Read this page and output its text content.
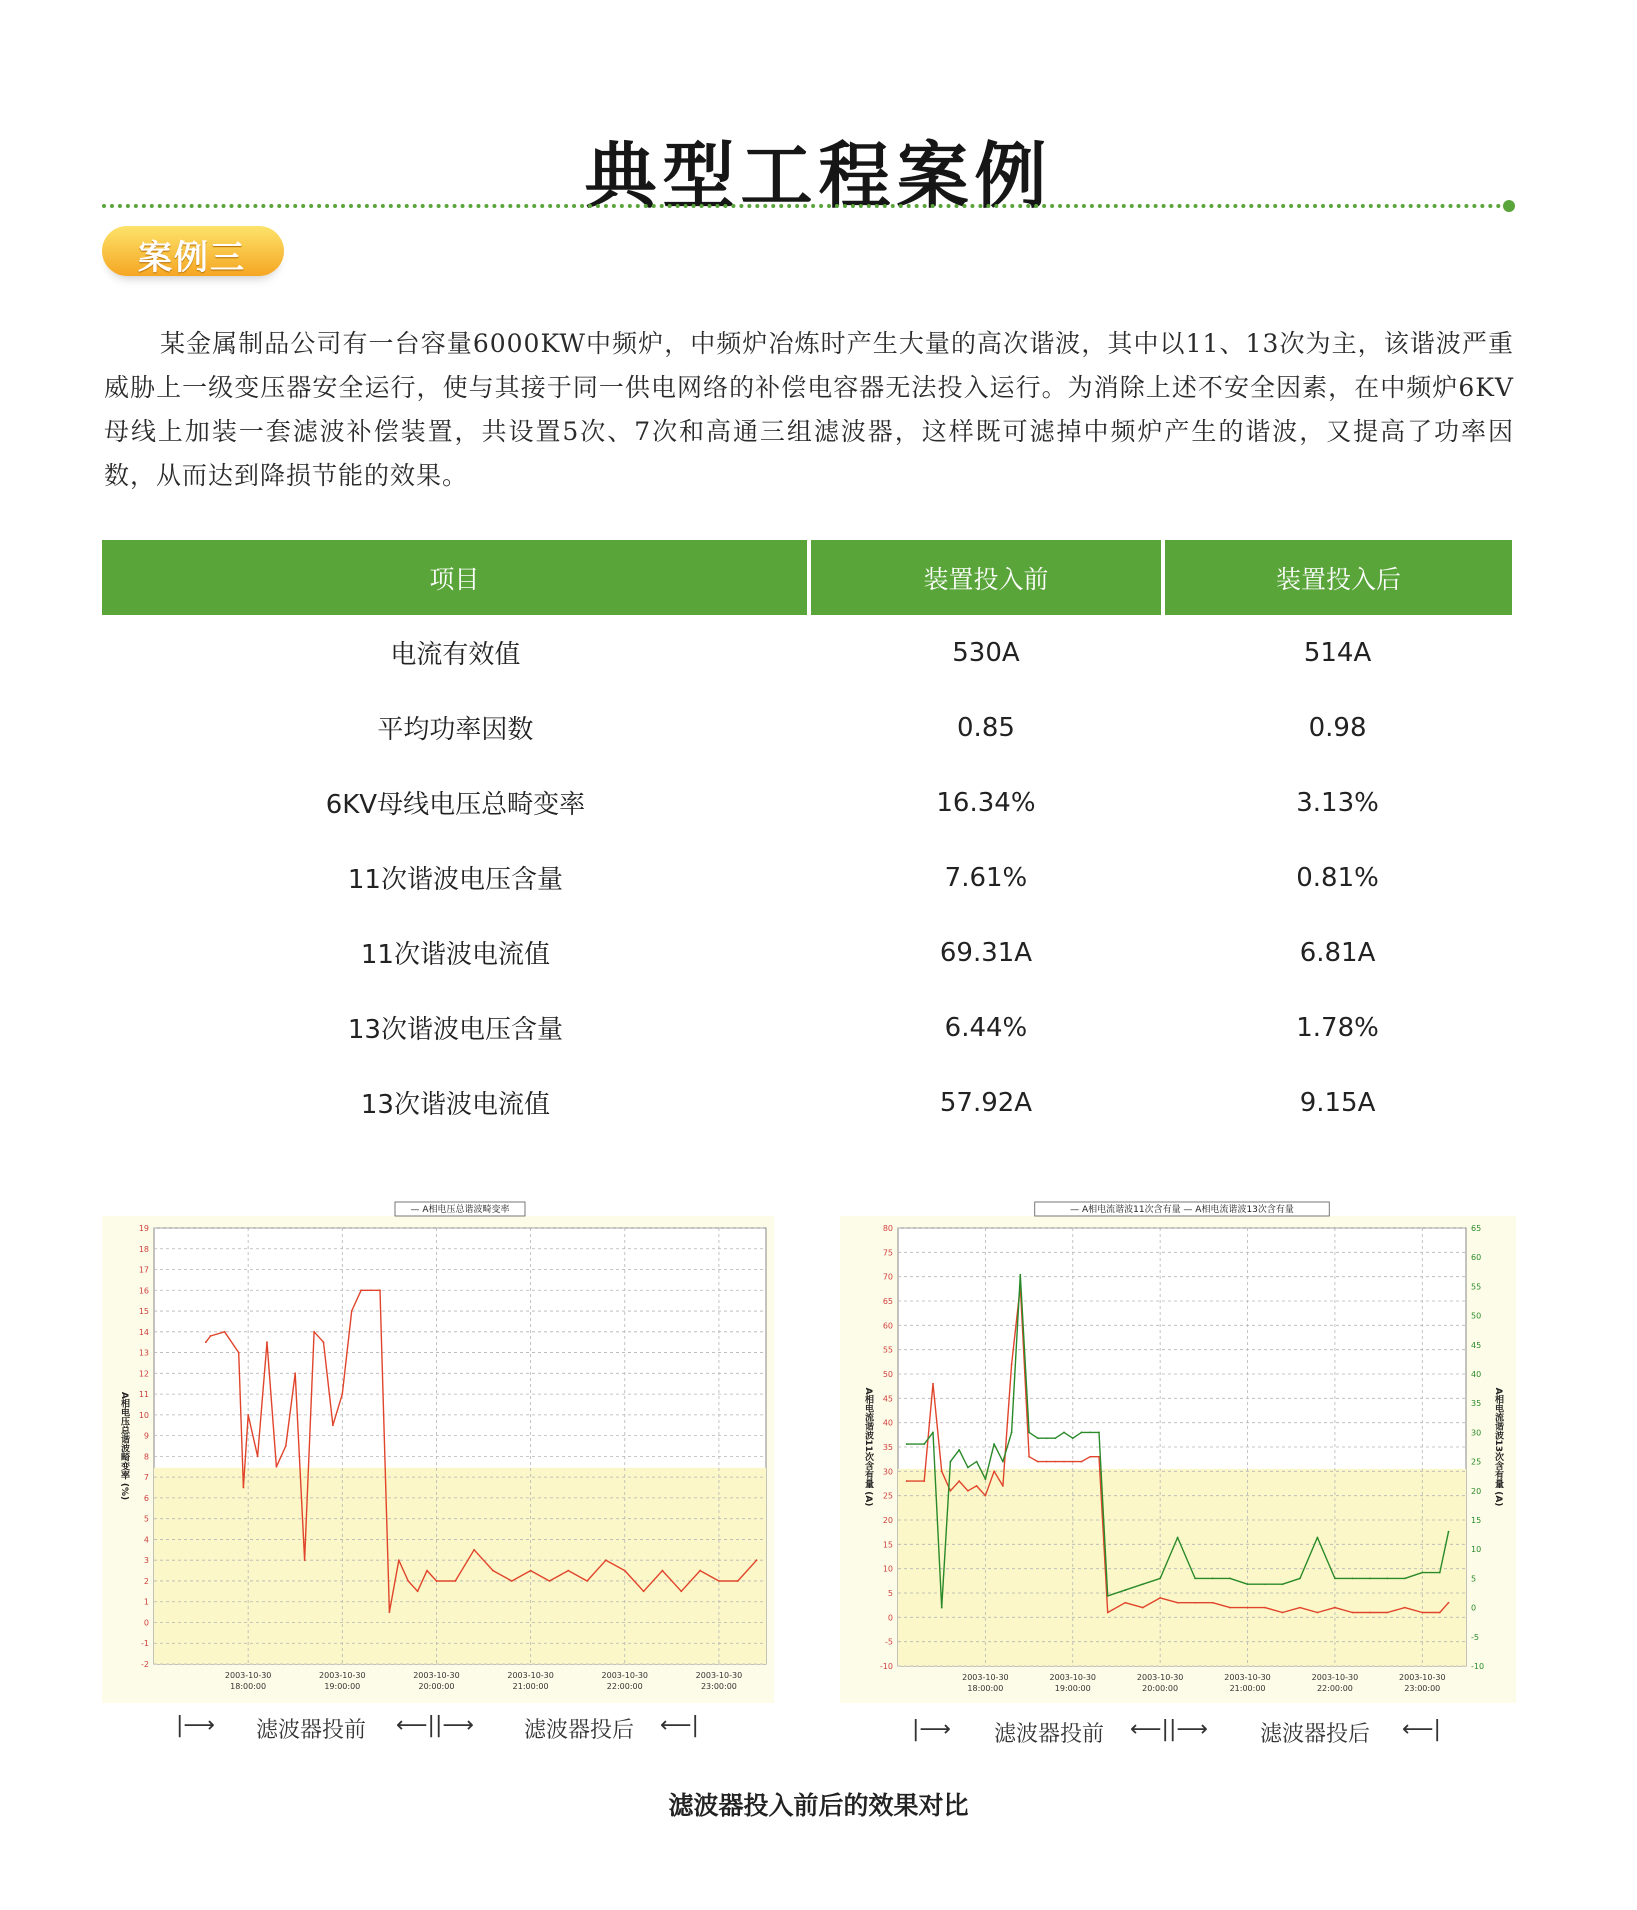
典型工程案例
案例三
某金属制品公司有一台容量6000KW中频炉，中频炉冶炼时产生大量的高次谐波，其中以11、13次为主，该谐波严重威胁上一级变压器安全运行，使与其接于同一供电网络的补偿电容器无法投入运行。为消除上述不安全因素，在中频炉6KV母线上加装一套滤波补偿装置，共设置5次、7次和高通三组滤波器，这样既可滤掉中频炉产生的谐波，又提高了功率因数，从而达到降损节能的效果。
项目	装置投入前	装置投入后
电流有效值	530A	514A
平均功率因数	0.85	0.98
6KV母线电压总畸变率	16.34%	3.13%
11次谐波电压含量	7.61%	0.81%
11次谐波电流值	69.31A	6.81A
13次谐波电压含量	6.44%	1.78%
13次谐波电流值	57.92A	9.15A
-2
-1
0
1
2
3
4
5
6
7
8
9
10
11
12
13
14
15
16
17
18
19
2003-10-30
18:00:00
2003-10-30
19:00:00
2003-10-30
20:00:00
2003-10-30
21:00:00
2003-10-30
22:00:00
2003-10-30
23:00:00
— A相电压总谐波畸变率
A相电压总谐波畸变率 (%)
-10
-5
0
5
10
15
20
25
30
35
40
45
50
55
60
65
70
75
80
-10
-5
0
5
10
15
20
25
30
35
40
45
50
55
60
65
2003-10-30
18:00:00
2003-10-30
19:00:00
2003-10-30
20:00:00
2003-10-30
21:00:00
2003-10-30
22:00:00
2003-10-30
23:00:00
— A相电流谐波11次含有量 — A相电流谐波13次含有量
A相电流谐波11次含有量 (A)	A相电流谐波13次含有量 (A)
|⟶ 滤波器投前 ⟵||⟶ 滤波器投后 ⟵|	|⟶ 滤波器投前 ⟵||⟶ 滤波器投后 ⟵|
滤波器投入前后的效果对比
